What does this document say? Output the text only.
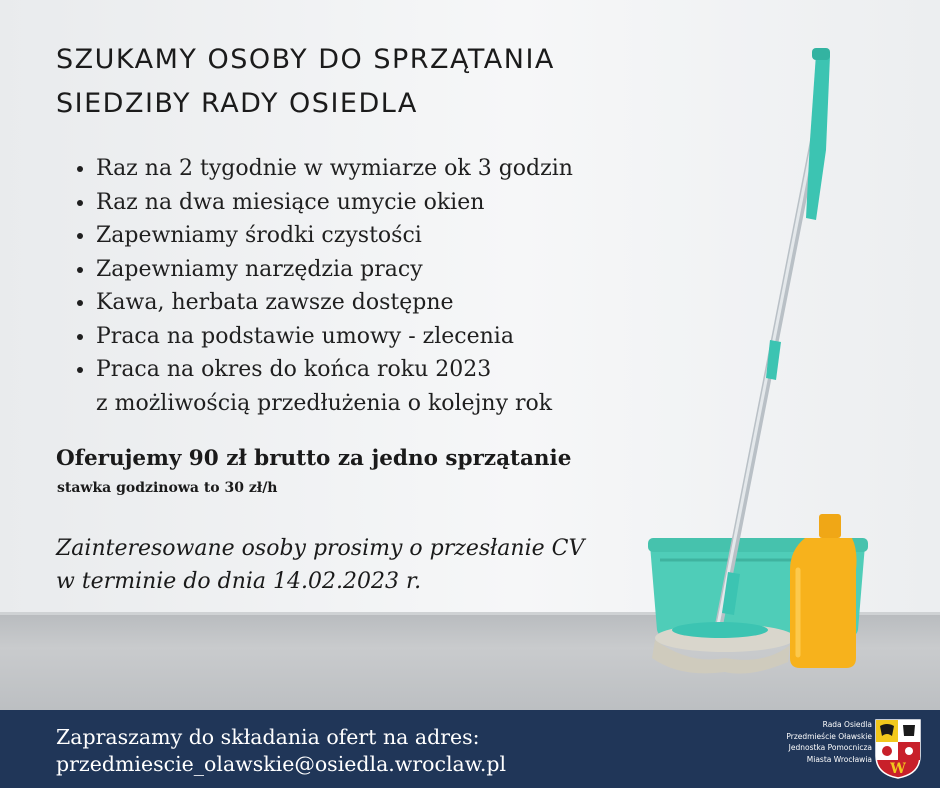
SZUKAMY OSOBY DO SPRZĄTANIA
SIEDZIBY RADY OSIEDLA
• Raz na 2 tygodnie w wymiarze ok 3 godzin
• Raz na dwa miesiące umycie okien
• Zapewniamy środki czystości
• Zapewniamy narzędzia pracy
• Kawa, herbata zawsze dostępne
• Praca na podstawie umowy - zlecenia
• Praca na okres do końca roku 2023
z możliwością przedłużenia o kolejny rok

Oferujemy 90 zł brutto za jedno sprzątanie

stawka godzinowa to 30 zł/h

Zainteresowane osoby prosimy o przesłanie CV
w terminie do dnia 14.02.2023 r.

Zapraszamy do składania ofert na adres:
przedmiescie_olawskie@osiedla.wroclaw.pl
Rada Osiedla
Przedmieście Oławskie
Jednostka Pomocnicza
Miasta Wrocławia
W
